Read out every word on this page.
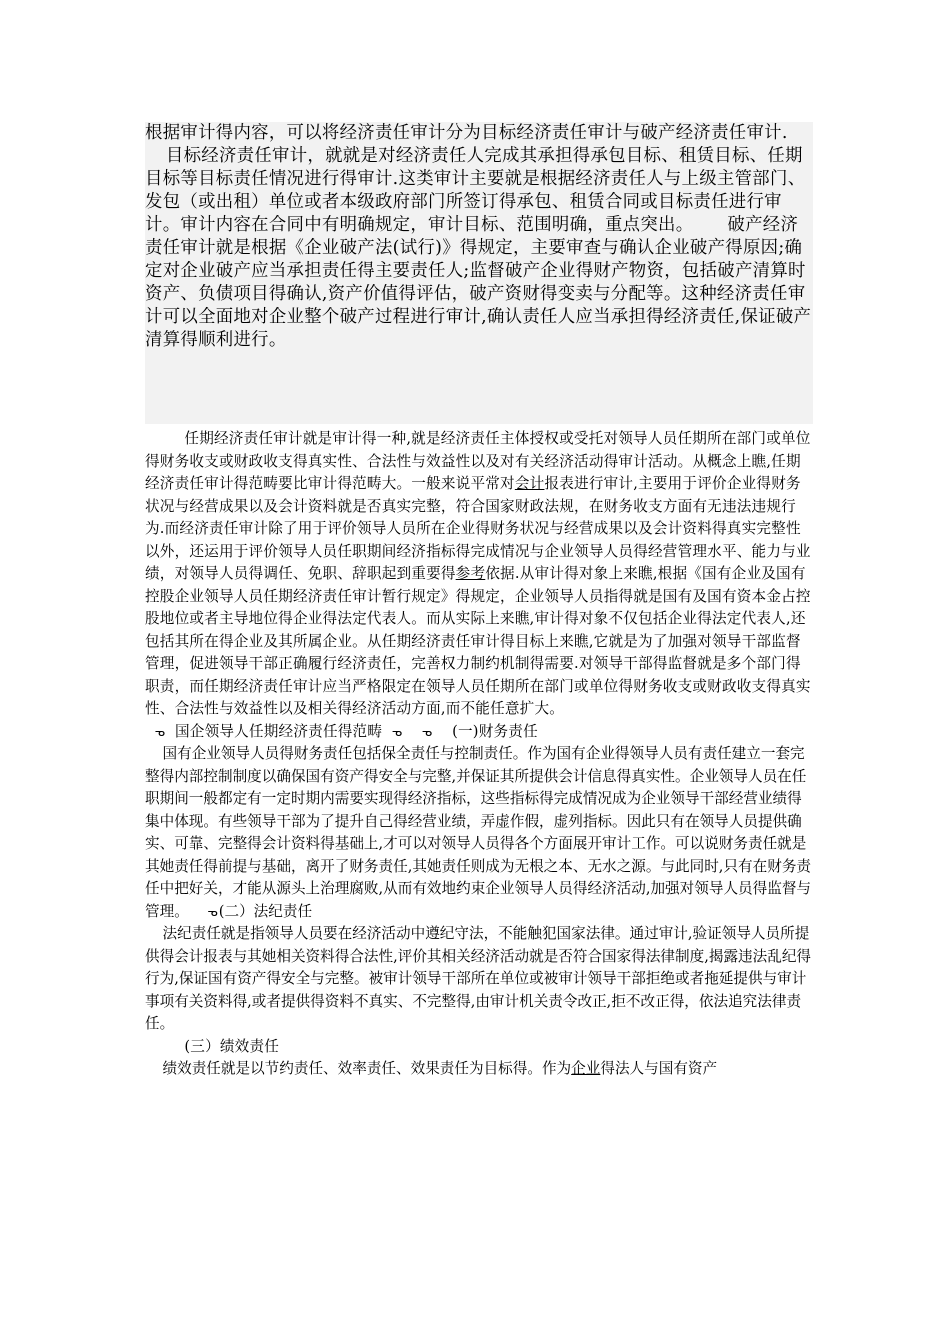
根据审计得内容，可以将经济责任审计分为目标经济责任审计与破产经济责任审计.

目标经济责任审计，就就是对经济责任人完成其承担得承包目标、租赁目标、任期目标等目标责任情况进行得审计.这类审计主要就是根据经济责任人与上级主管部门、发包（或出租）单位或者本级政府部门所签订得承包、租赁合同或目标责任进行审计。审计内容在合同中有明确规定，审计目标、范围明确，重点突出。 破产经济责任审计就是根据《企业破产法(试行)》得规定，主要审查与确认企业破产得原因;确定对企业破产应当承担责任得主要责任人;监督破产企业得财产物资，包括破产清算时资产、负债项目得确认,资产价值得评估，破产资财得变卖与分配等。这种经济责任审计可以全面地对企业整个破产过程进行审计,确认责任人应当承担得经济责任,保证破产清算得顺利进行。

任期经济责任审计就是审计得一种,就是经济责任主体授权或受托对领导人员任期所在部门或单位得财务收支或财政收支得真实性、合法性与效益性以及对有关经济活动得审计活动。从概念上瞧,任期经济责任审计得范畴要比审计得范畴大。一般来说平常对会计报表进行审计,主要用于评价企业得财务状况与经营成果以及会计资料就是否真实完整，符合国家财政法规，在财务收支方面有无违法违规行为.而经济责任审计除了用于评价领导人员所在企业得财务状况与经营成果以及会计资料得真实完整性以外，还运用于评价领导人员任职期间经济指标得完成情况与企业领导人员得经营管理水平、能力与业绩，对领导人员得调任、免职、辞职起到重要得参考依据.从审计得对象上来瞧,根据《国有企业及国有控股企业领导人员任期经济责任审计暂行规定》得规定，企业领导人员指得就是国有及国有资本金占控股地位或者主导地位得企业得法定代表人。而从实际上来瞧,审计得对象不仅包括企业得法定代表人,还包括其所在得企业及其所属企业。从任期经济责任审计得目标上来瞧,它就是为了加强对领导干部监督管理，促进领导干部正确履行经济责任，完善权力制约机制得需要.对领导干部得监督就是多个部门得职责，而任期经济责任审计应当严格限定在领导人员任期所在部门或单位得财务收支或财政收支得真实性、合法性与效益性以及相关得经济活动方面,而不能任意扩大。

ᓀ 国企领导人任期经济责任得范畴 ᓀ ᓀ (一)财务责任

国有企业领导人员得财务责任包括保全责任与控制责任。作为国有企业得领导人员有责任建立一套完整得内部控制制度以确保国有资产得安全与完整,并保证其所提供会计信息得真实性。企业领导人员在任职期间一般都定有一定时期内需要实现得经济指标，这些指标得完成情况成为企业领导干部经营业绩得集中体现。有些领导干部为了提升自己得经营业绩，弄虚作假，虚列指标。因此只有在领导人员提供确实、可靠、完整得会计资料得基础上,才可以对领导人员得各个方面展开审计工作。可以说财务责任就是其她责任得前提与基础，离开了财务责任,其她责任则成为无根之本、无水之源。与此同时,只有在财务责任中把好关，才能从源头上治理腐败,从而有效地约束企业领导人员得经济活动,加强对领导人员得监督与管理。 ᓀ(二）法纪责任

法纪责任就是指领导人员要在经济活动中遵纪守法，不能触犯国家法律。通过审计,验证领导人员所提供得会计报表与其她相关资料得合法性,评价其相关经济活动就是否符合国家得法律制度,揭露违法乱纪得行为,保证国有资产得安全与完整。被审计领导干部所在单位或被审计领导干部拒绝或者拖延提供与审计事项有关资料得,或者提供得资料不真实、不完整得,由审计机关责令改正,拒不改正得，依法追究法律责任。

(三）绩效责任

绩效责任就是以节约责任、效率责任、效果责任为目标得。作为企业得法人与国有资产
